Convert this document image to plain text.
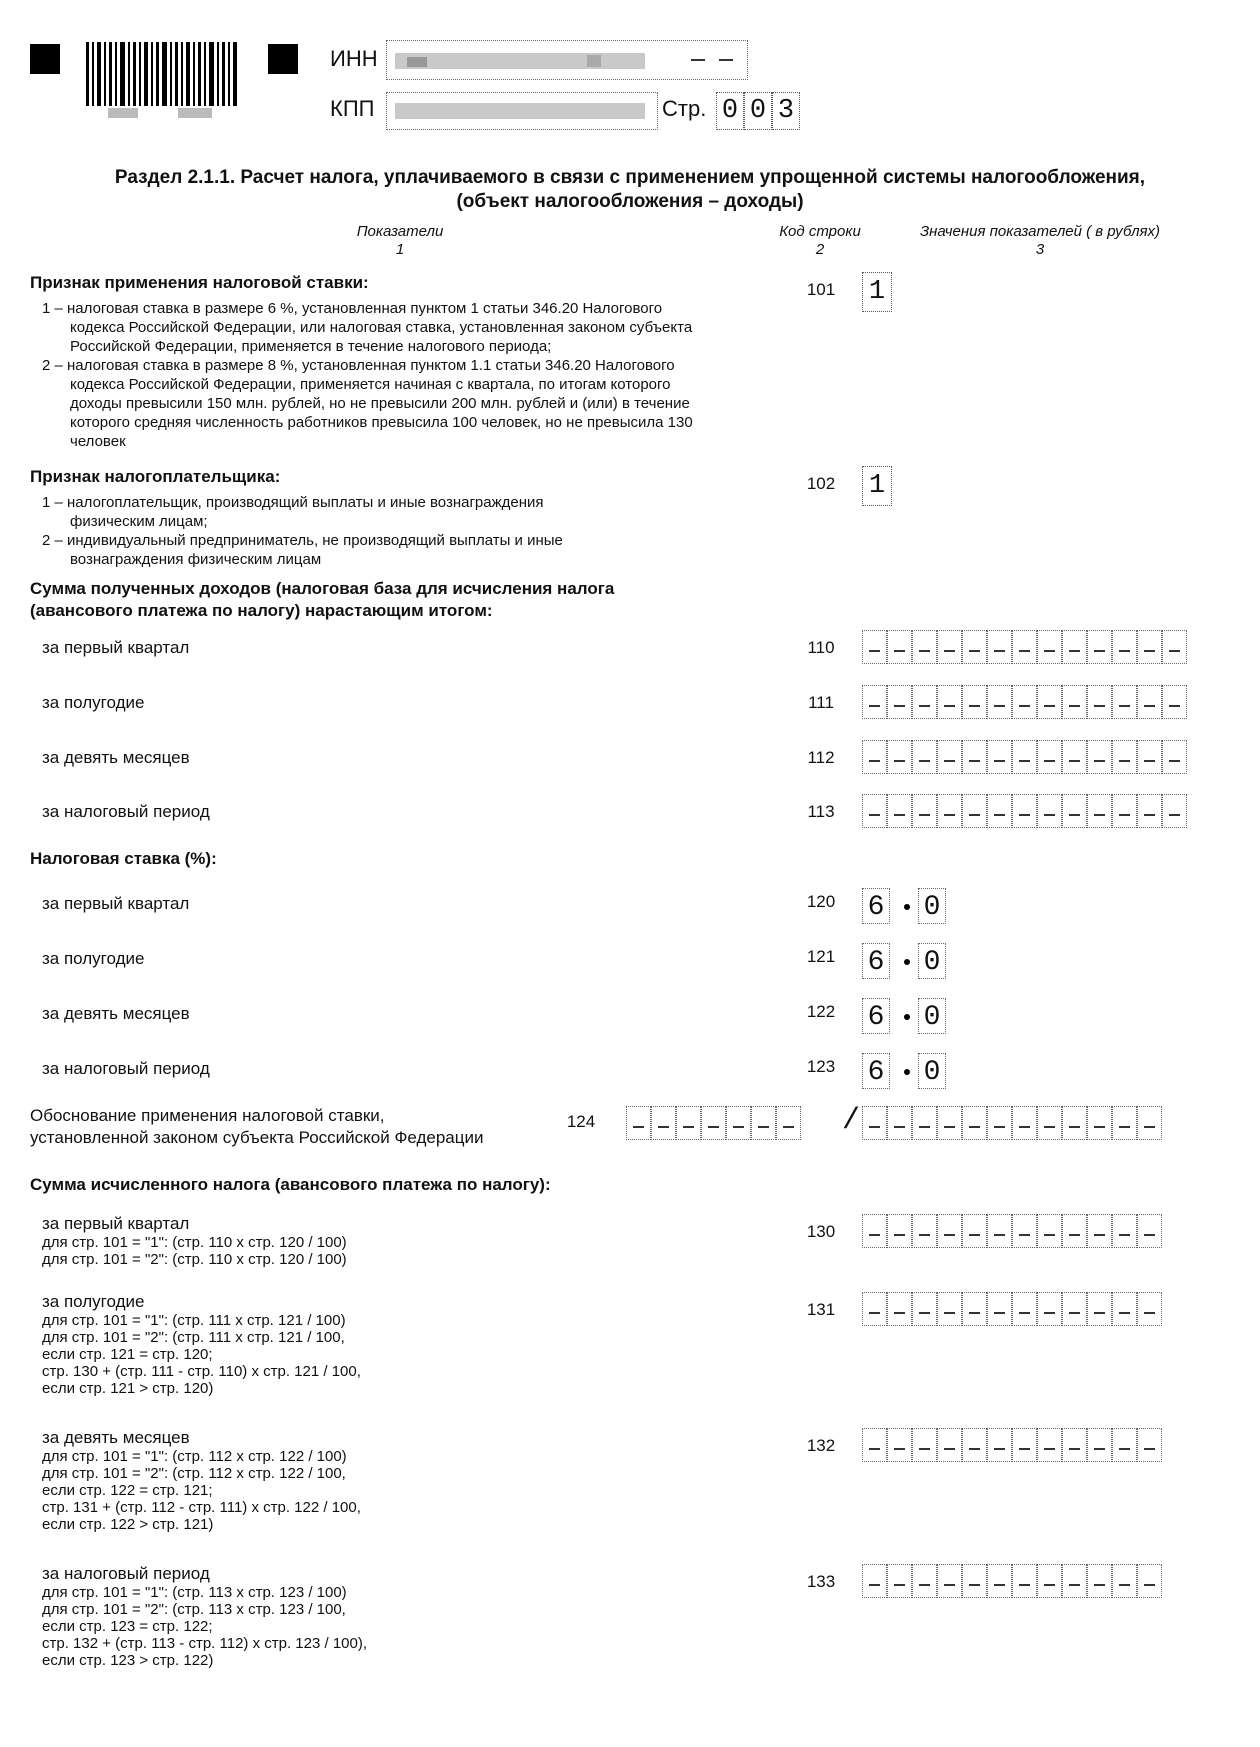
ИНН
КПП	Стр. 0 0 3
Раздел 2.1.1. Расчет налога, уплачиваемого в связи с применением упрощенной системы налогообложения,
(объект налогообложения – доходы)
Показатели
1
Код строки
2
Значения показателей ( в рублях)
3
Признак применения налоговой ставки:
1 – налоговая ставка в размере 6 %, установленная пунктом 1 статьи 346.20 Налогового
кодекса Российской Федерации, или налоговая ставка, установленная законом субъекта
Российской Федерации, применяется в течение налогового периода;
2 – налоговая ставка в размере 8 %, установленная пунктом 1.1 статьи 346.20 Налогового
кодекса Российской Федерации, применяется начиная с квартала, по итогам которого
доходы превысили 150 млн. рублей, но не превысили 200 млн. рублей и (или) в течение
которого средняя численность работников превысила 100 человек, но не превысила 130
человек
101	1
Признак налогоплательщика:
1 – налогоплательщик, производящий выплаты и иные вознаграждения
физическим лицам;
2 – индивидуальный предприниматель, не производящий выплаты и иные
вознаграждения физическим лицам
102	1
Сумма полученных доходов (налоговая база для исчисления налога
(авансового платежа по налогу) нарастающим итогом:
за первый квартал	110
за полугодие	111
за девять месяцев	112
за налоговый период	113
Налоговая ставка (%):
за первый квартал	120	6 0
за полугодие	121	6 0
за девять месяцев	122	6 0
за налоговый период	123	6 0
Обоснование применения налоговой ставки,
установленной законом субъекта Российской Федерации
124	/
Сумма исчисленного налога (авансового платежа по налогу):
за первый квартал
для стр. 101 = "1": (стр. 110 х стр. 120 / 100)
для стр. 101 = "2": (стр. 110 х стр. 120 / 100)
130
за полугодие
для стр. 101 = "1": (стр. 111 х стр. 121 / 100)
для стр. 101 = "2": (стр. 111 х стр. 121 / 100,
если стр. 121 = стр. 120;
стр. 130 + (стр. 111 - стр. 110) х стр. 121 / 100,
если стр. 121 > стр. 120)
131
за девять месяцев
для стр. 101 = "1": (стр. 112 х стр. 122 / 100)
для стр. 101 = "2": (стр. 112 х стр. 122 / 100,
если стр. 122 = стр. 121;
стр. 131 + (стр. 112 - стр. 111) х стр. 122 / 100,
если стр. 122 > стр. 121)
132
за налоговый период
для стр. 101 = "1": (стр. 113 х стр. 123 / 100)
для стр. 101 = "2": (стр. 113 х стр. 123 / 100,
если стр. 123 = стр. 122;
стр. 132 + (стр. 113 - стр. 112) х стр. 123 / 100),
если стр. 123 > стр. 122)
133
